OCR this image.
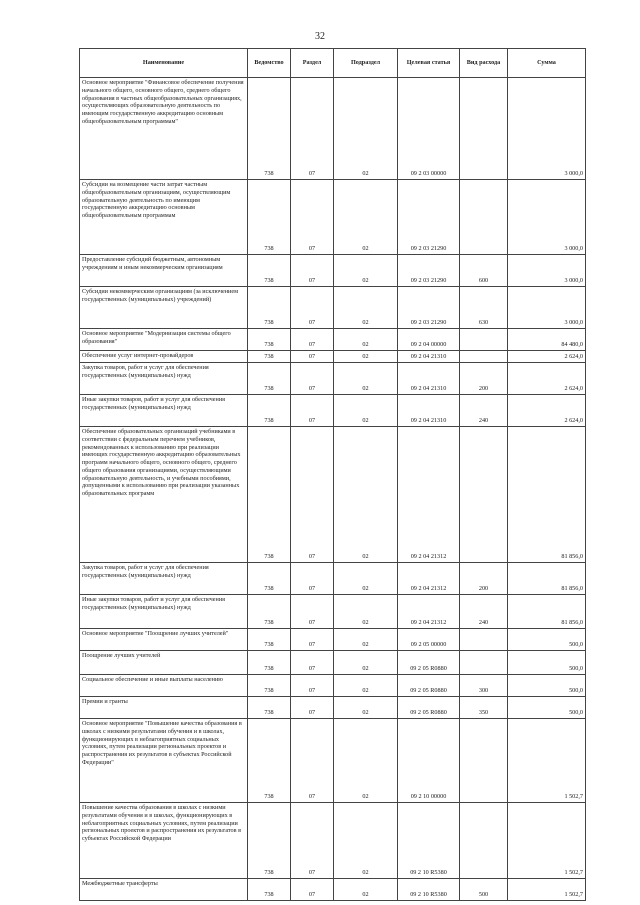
32
Наименование	Ведомство	Раздел	Подраздел	Целевая статья	Вид расхода	Сумма
Основное мероприятие "Финансовое обеспечение получения начального общего, основного общего, среднего общего образования в частных общеобразовательных организациях, осуществляющих образовательную деятельность по имеющим государственную аккредитацию основным общеобразовательным программам"	738	07	02	09 2 03 00000		3 000,0
Субсидии на возмещение части затрат частным общеобразовательным организациям, осуществляющим образовательную деятельность по имеющим государственную аккредитацию основным общеобразовательным программам	738	07	02	09 2 03 21290		3 000,0
Предоставление субсидий бюджетным, автономным учреждениям и иным некоммерческим организациям	738	07	02	09 2 03 21290	600	3 000,0
Субсидии некоммерческим организациям (за исключением государственных (муниципальных) учреждений)	738	07	02	09 2 03 21290	630	3 000,0
Основное мероприятие "Модернизация системы общего образования"	738	07	02	09 2 04 00000		84 480,0
Обеспечение услуг интернет-провайдеров	738	07	02	09 2 04 21310		2 624,0
Закупка товаров, работ и услуг для обеспечения государственных (муниципальных) нужд	738	07	02	09 2 04 21310	200	2 624,0
Иные закупки товаров, работ и услуг для обеспечения государственных (муниципальных) нужд	738	07	02	09 2 04 21310	240	2 624,0
Обеспечение образовательных организаций учебниками в соответствии с федеральным перечнем учебников, рекомендованных к использованию при реализации имеющих государственную аккредитацию образовательных программ начального общего, основного общего, среднего общего образования организациями, осуществляющими образовательную деятельность, и учебными пособиями, допущенными к использованию при реализации указанных образовательных программ	738	07	02	09 2 04 21312		81 856,0
Закупка товаров, работ и услуг для обеспечения государственных (муниципальных) нужд	738	07	02	09 2 04 21312	200	81 856,0
Иные закупки товаров, работ и услуг для обеспечения государственных (муниципальных) нужд	738	07	02	09 2 04 21312	240	81 856,0
Основное мероприятие "Поощрение лучших учителей"	738	07	02	09 2 05 00000		500,0
Поощрение лучших учителей	738	07	02	09 2 05 R0880		500,0
Социальное обеспечение и иные выплаты населению	738	07	02	09 2 05 R0880	300	500,0
Премии и гранты	738	07	02	09 2 05 R0880	350	500,0
Основное мероприятие "Повышение качества образования в школах с низкими результатами обучения и в школах, функционирующих в неблагоприятных социальных условиях, путем реализации региональных проектов и распространения их результатов в субъектах Российской Федерации"	738	07	02	09 2 10 00000		1 502,7
Повышение качества образования в школах с низкими результатами обучения и в школах, функционирующих в неблагоприятных социальных условиях, путем реализации региональных проектов и распространения их результатов в субъектах Российской Федерации	738	07	02	09 2 10 R5380		1 502,7
Межбюджетные трансферты	738	07	02	09 2 10 R5380	500	1 502,7
